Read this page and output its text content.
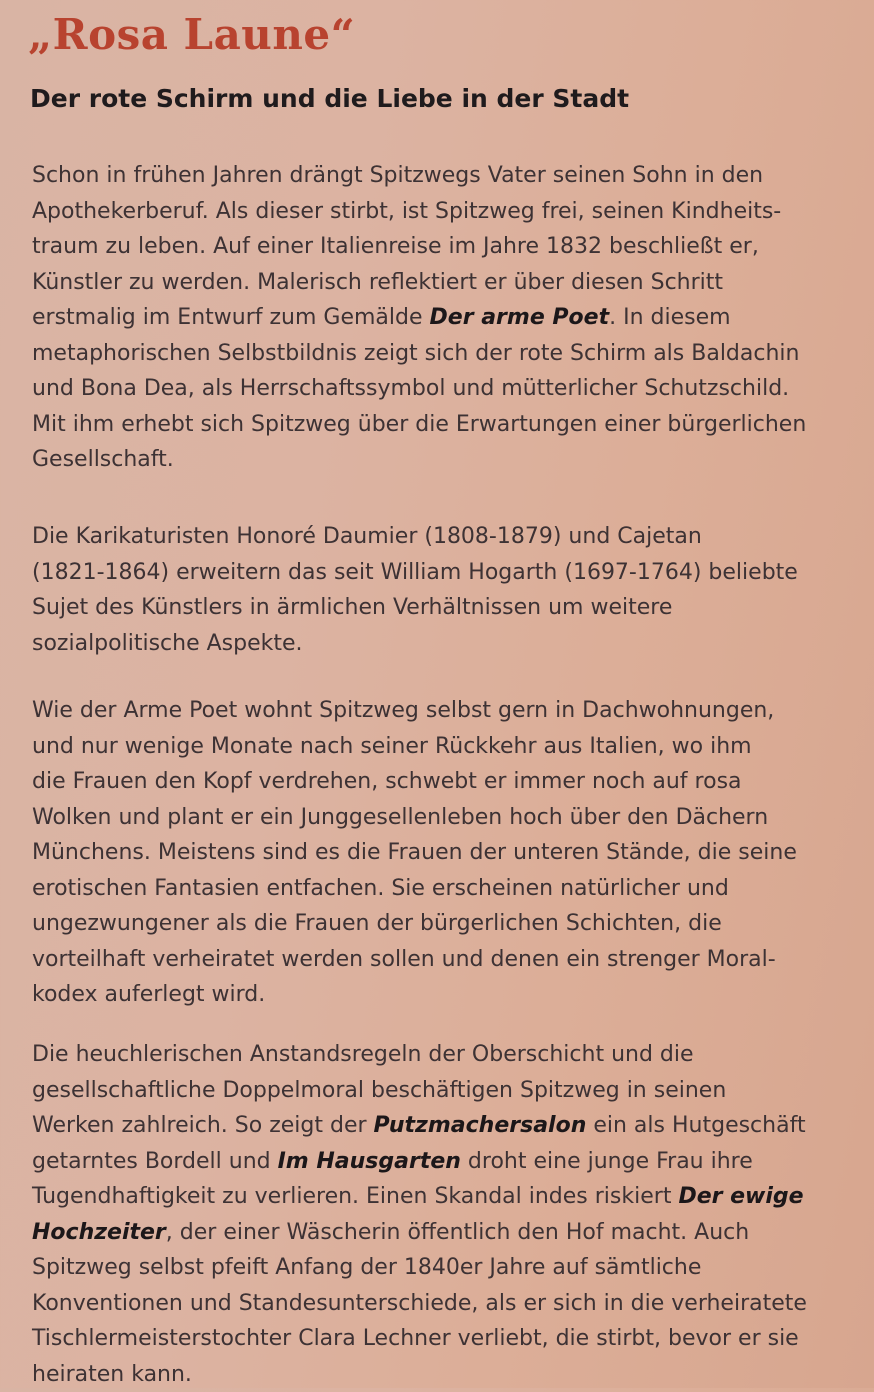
„Rosa Laune“
Der rote Schirm und die Liebe in der Stadt
Schon in frühen Jahren drängt Spitzwegs Vater seinen Sohn in den
Apothekerberuf. Als dieser stirbt, ist Spitzweg frei, seinen Kindheits-
traum zu leben. Auf einer Italienreise im Jahre 1832 beschließt er,
Künstler zu werden. Malerisch reflektiert er über diesen Schritt
erstmalig im Entwurf zum Gemälde Der arme Poet. In diesem
metaphorischen Selbstbildnis zeigt sich der rote Schirm als Baldachin
und Bona Dea, als Herrschaftssymbol und mütterlicher Schutzschild.
Mit ihm erhebt sich Spitzweg über die Erwartungen einer bürgerlichen
Gesellschaft.
Die Karikaturisten Honoré Daumier (1808-1879) und Cajetan
(1821-1864) erweitern das seit William Hogarth (1697-1764) beliebte
Sujet des Künstlers in ärmlichen Verhältnissen um weitere
sozialpolitische Aspekte.
Wie der Arme Poet wohnt Spitzweg selbst gern in Dachwohnungen,
und nur wenige Monate nach seiner Rückkehr aus Italien, wo ihm
die Frauen den Kopf verdrehen, schwebt er immer noch auf rosa
Wolken und plant er ein Junggesellenleben hoch über den Dächern
Münchens. Meistens sind es die Frauen der unteren Stände, die seine
erotischen Fantasien entfachen. Sie erscheinen natürlicher und
ungezwungener als die Frauen der bürgerlichen Schichten, die
vorteilhaft verheiratet werden sollen und denen ein strenger Moral-
kodex auferlegt wird.
Die heuchlerischen Anstandsregeln der Oberschicht und die
gesellschaftliche Doppelmoral beschäftigen Spitzweg in seinen
Werken zahlreich. So zeigt der Putzmachersalon ein als Hutgeschäft
getarntes Bordell und Im Hausgarten droht eine junge Frau ihre
Tugendhaftigkeit zu verlieren. Einen Skandal indes riskiert Der ewige
Hochzeiter, der einer Wäscherin öffentlich den Hof macht. Auch
Spitzweg selbst pfeift Anfang der 1840er Jahre auf sämtliche
Konventionen und Standesunterschiede, als er sich in die verheiratete
Tischlermeisterstochter Clara Lechner verliebt, die stirbt, bevor er sie
heiraten kann.
